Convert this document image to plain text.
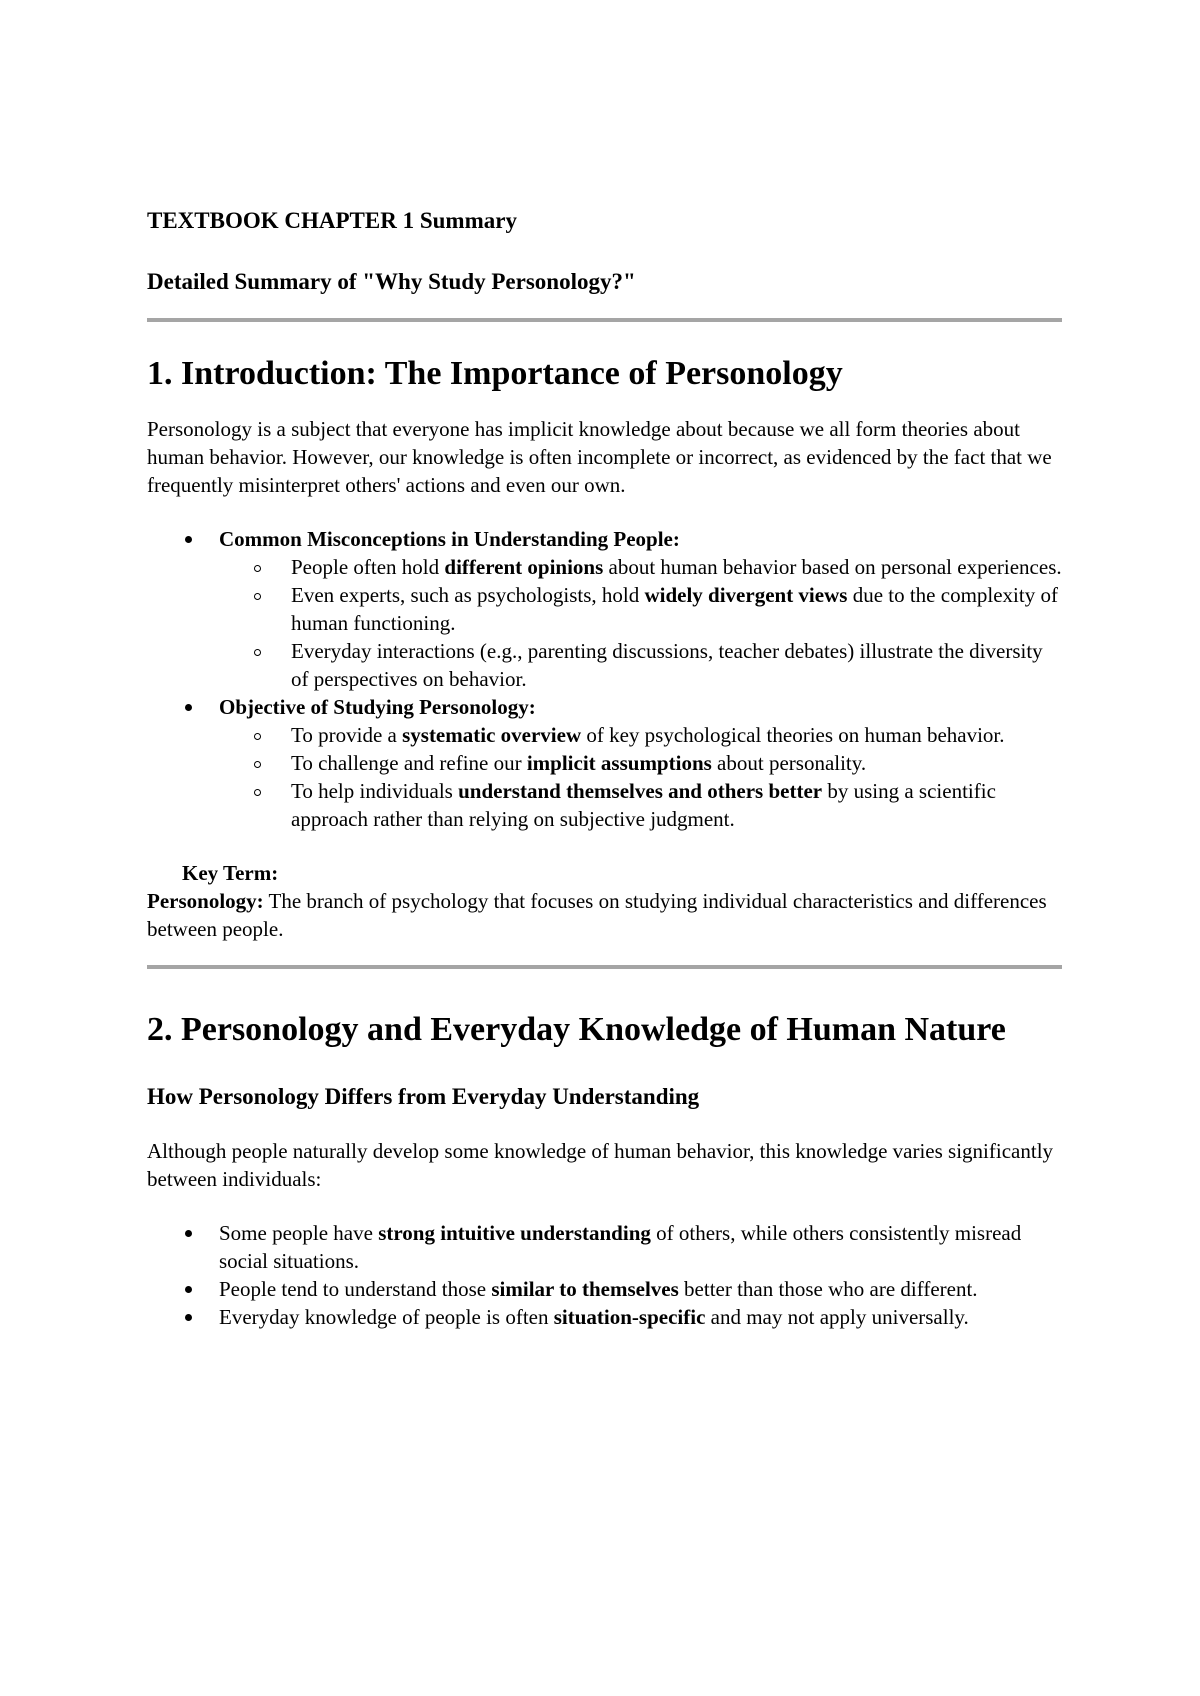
TEXTBOOK CHAPTER 1 Summary

Detailed Summary of "Why Study Personology?"

1. Introduction: The Importance of Personology

Personology is a subject that everyone has implicit knowledge about because we all form theories about human behavior. However, our knowledge is often incomplete or incorrect, as evidenced by the fact that we frequently misinterpret others' actions and even our own.

Common Misconceptions in Understanding People:
People often hold different opinions about human behavior based on personal experiences.
Even experts, such as psychologists, hold widely divergent views due to the complexity of human functioning.
Everyday interactions (e.g., parenting discussions, teacher debates) illustrate the diversity of perspectives on behavior.
Objective of Studying Personology:
To provide a systematic overview of key psychological theories on human behavior.
To challenge and refine our implicit assumptions about personality.
To help individuals understand themselves and others better by using a scientific approach rather than relying on subjective judgment.

Key Term:

Personology: The branch of psychology that focuses on studying individual characteristics and differences between people.

2. Personology and Everyday Knowledge of Human Nature
How Personology Differs from Everyday Understanding

Although people naturally develop some knowledge of human behavior, this knowledge varies significantly between individuals:

Some people have strong intuitive understanding of others, while others consistently misread social situations.
People tend to understand those similar to themselves better than those who are different.
Everyday knowledge of people is often situation-specific and may not apply universally.
